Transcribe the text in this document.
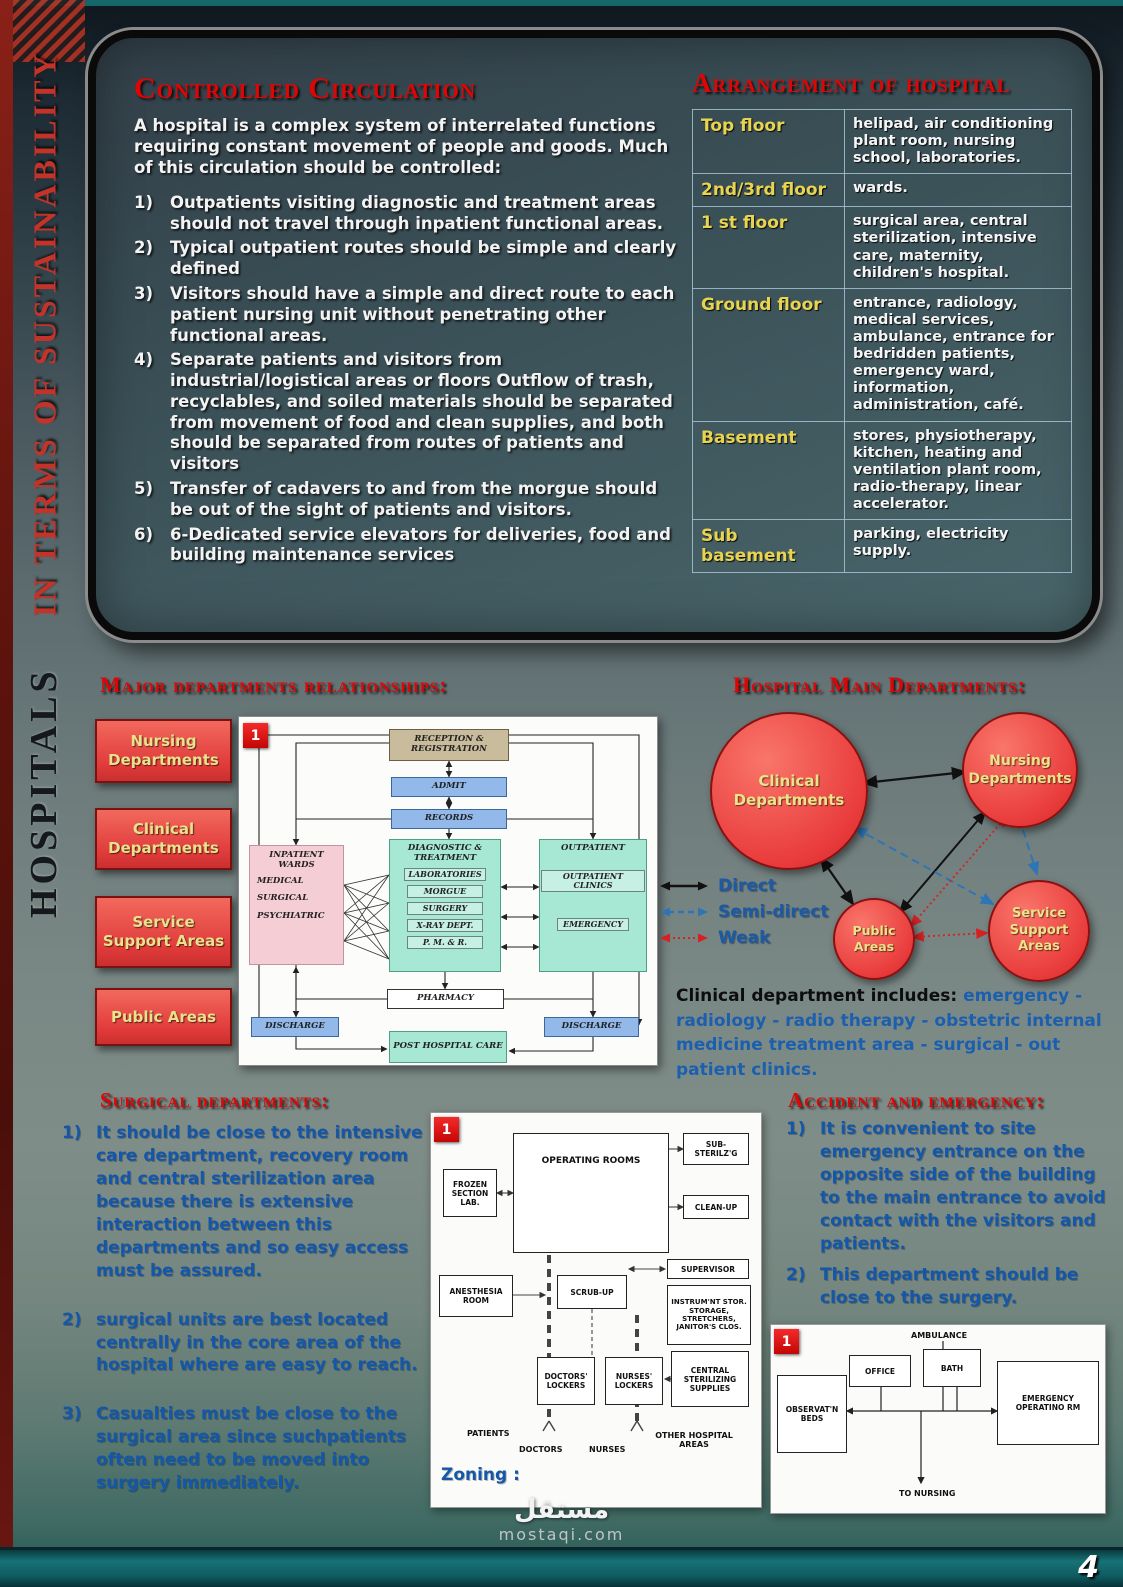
IN TERMS OF SUSTAINABILITY
HOSPITALS
Controlled Circulation

A hospital is a complex system of interrelated functions requiring constant movement of people and goods. Much of this circulation should be controlled:

1)	Outpatients visiting diagnostic and treatment areas should not travel through inpatient functional areas.
2)	Typical outpatient routes should be simple and clearly defined
3)	Visitors should have a simple and direct route to each patient nursing unit without penetrating other functional areas.
4)	Separate patients and visitors from industrial/logistical areas or floors Outflow of trash, recyclables, and soiled materials should be separated from movement of food and clean supplies, and both should be separated from routes of patients and visitors
5)	Transfer of cadavers to and from the morgue should be out of the sight of patients and visitors.
6)	6-Dedicated service elevators for deliveries, food and building maintenance services
Arrangement of hospital
Top floor	helipad, air conditioning plant room, nursing school, laboratories.
2nd/3rd floor	wards.
1 st floor	surgical area, central sterilization, intensive care, maternity, children's hospital.
Ground floor	entrance, radiology, medical services, ambulance, entrance for bedridden patients, emergency ward, information, administration, café.
Basement	stores, physiotherapy, kitchen, heating and ventilation plant room, radio-therapy, linear accelerator.
Sub basement	parking, electricity supply.
Major departments relationships:	Hospital Main Departments:
Nursing Departments
Clinical Departments
Service Support Areas
Public Areas
RECEPTION & REGISTRATION
ADMIT
RECORDS
INPATIENT WARDS
MEDICAL
SURGICAL
PSYCHIATRIC
DIAGNOSTIC & TREATMENT
LABORATORIES
MORGUE
SURGERY
X-RAY DEPT.
P. M. & R.
OUTPATIENT
OUTPATIENT CLINICS
EMERGENCY
PHARMACY
DISCHARGE	DISCHARGE
POST HOSPITAL CARE
1
Clinical Departments
Nursing Departments
Public Areas
Service Support Areas
Direct
Semi-direct
Weak

Clinical department includes: emergency - radiology - radio therapy - obstetric internal medicine treatment area - surgical - out patient clinics.

Surgical departments:
1) It should be close to the intensive care department, recovery room and central sterilization area because there is extensive interaction between this departments and so easy access must be assured.
2) surgical units are best located centrally in the core area of the hospital where are easy to reach.
3) Casualties must be close to the surgical area since suchpatients often need to be moved into surgery immediately.
FROZEN SECTION LAB.
OPERATING ROOMS
SUB-STERILZ'G
CLEAN-UP
SUPERVISOR
ANESTHESIA ROOM
SCRUB-UP
INSTRUM'NT STOR. STORAGE, STRETCHERS, JANITOR'S CLOS.
DOCTORS' LOCKERS
NURSES' LOCKERS
CENTRAL STERILIZING SUPPLIES
PATIENTS
DOCTORS	NURSES
OTHER HOSPITAL AREAS
Zoning :
1
Accident and emergency:
1) It is convenient to site emergency entrance on the opposite side of the building to the main entrance to avoid contact with the visitors and patients.
2) This department should be close to the surgery.
AMBULANCE
OFFICE	BATH
OBSERVAT'N BEDS
EMERGENCY OPERATINO RM
TO NURSING
1
مستقل
mostaqi.com
4
